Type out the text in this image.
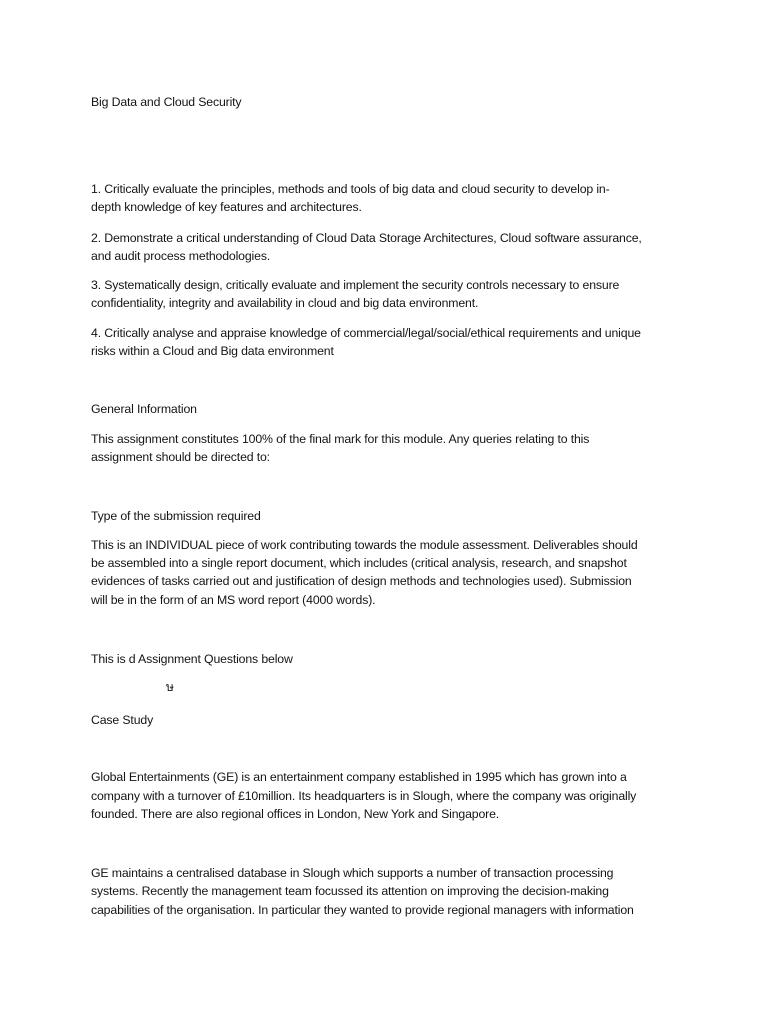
Big Data and Cloud Security
1. Critically evaluate the principles, methods and tools of big data and cloud security to develop in-
depth knowledge of key features and architectures.
2. Demonstrate a critical understanding of Cloud Data Storage Architectures, Cloud software assurance,
and audit process methodologies.
3. Systematically design, critically evaluate and implement the security controls necessary to ensure
confidentiality, integrity and availability in cloud and big data environment.
4. Critically analyse and appraise knowledge of commercial/legal/social/ethical requirements and unique
risks within a Cloud and Big data environment
General Information
This assignment constitutes 100% of the final mark for this module. Any queries relating to this
assignment should be directed to:
Type of the submission required
This is an INDIVIDUAL piece of work contributing towards the module assessment. Deliverables should
be assembled into a single report document, which includes (critical analysis, research, and snapshot
evidences of tasks carried out and justification of design methods and technologies used). Submission
will be in the form of an MS word report (4000 words).
This is d Assignment Questions below
ษ
Case Study
Global Entertainments (GE) is an entertainment company established in 1995 which has grown into a
company with a turnover of £10million. Its headquarters is in Slough, where the company was originally
founded. There are also regional offices in London, New York and Singapore.
GE maintains a centralised database in Slough which supports a number of transaction processing
systems. Recently the management team focussed its attention on improving the decision-making
capabilities of the organisation. In particular they wanted to provide regional managers with information
